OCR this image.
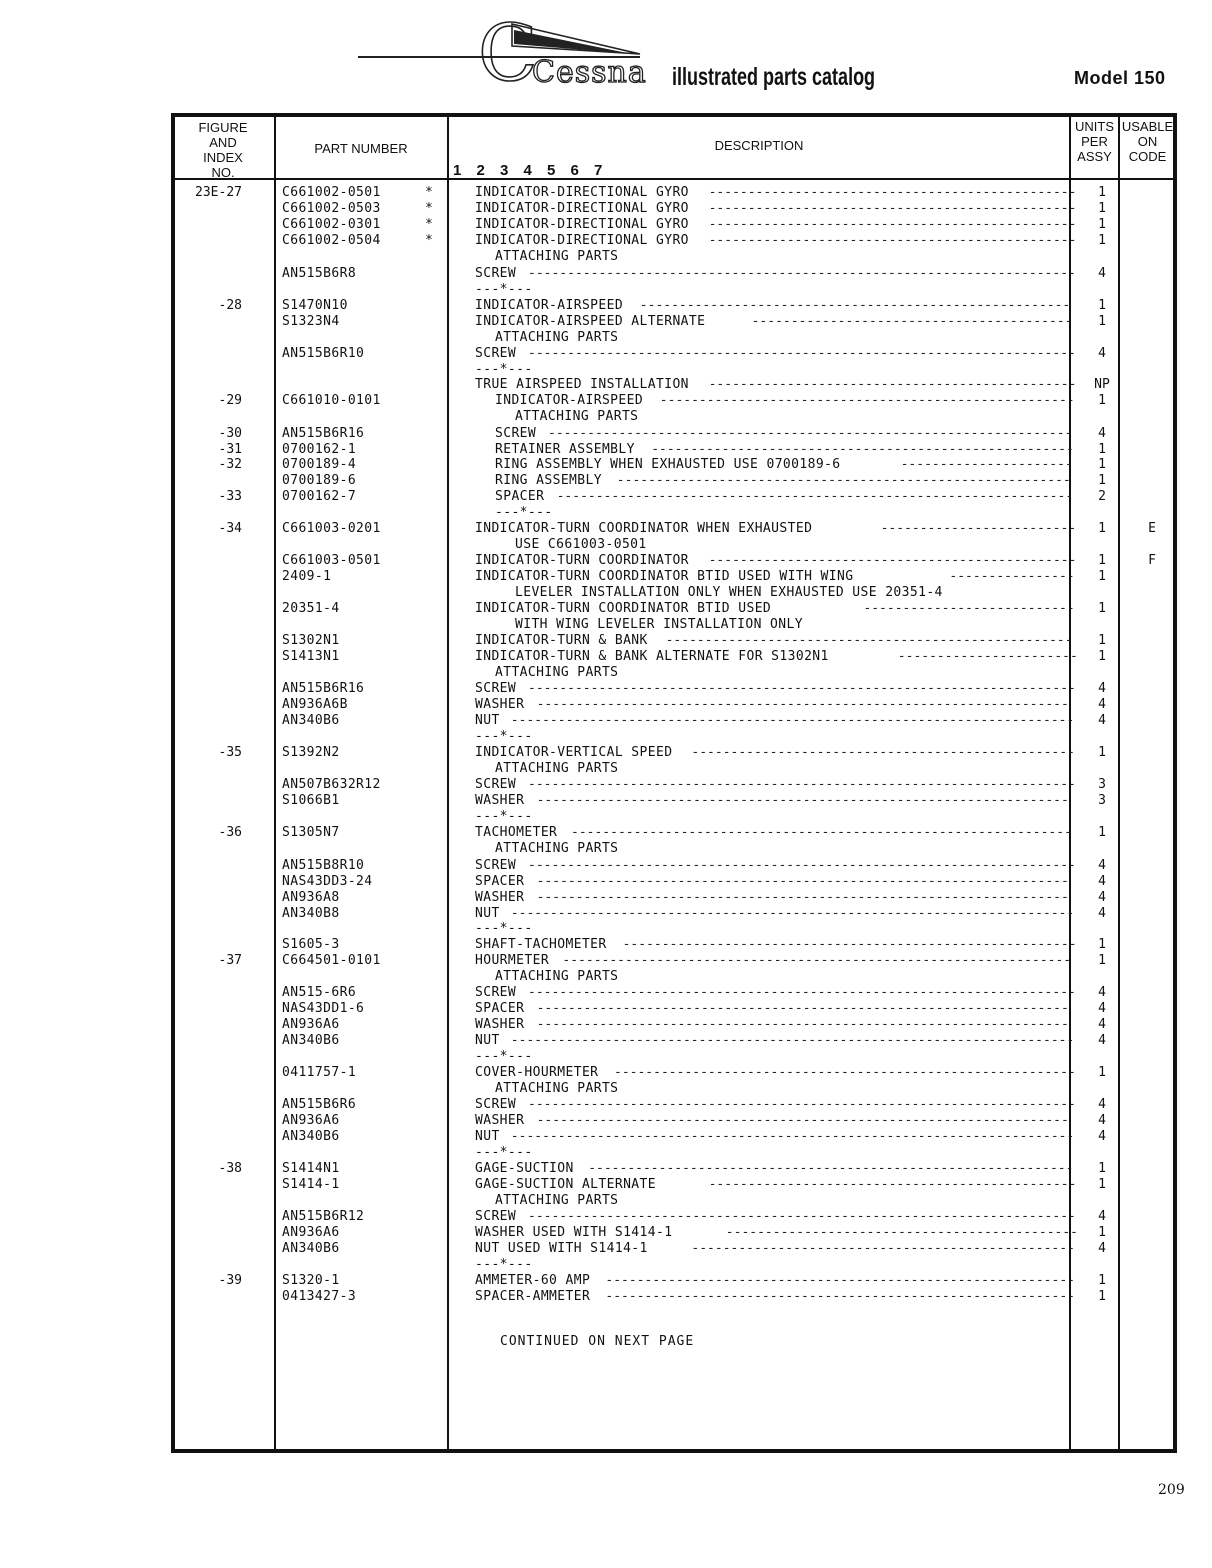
C
Cessna illustrated parts catalog	Model 150
FIGURE
AND
INDEX
NO.
PART NUMBER	DESCRIPTION
1 2 3 4 5 6 7
UNITS
PER
ASSY
USABLE
ON
CODE
23E-27	C661002-0501	*	INDICATOR-DIRECTIONAL GYRO -----------------------------------------------	1
C661002-0503	*	INDICATOR-DIRECTIONAL GYRO -----------------------------------------------	1
C661002-0301	*	INDICATOR-DIRECTIONAL GYRO -----------------------------------------------	1
C661002-0504	*	INDICATOR-DIRECTIONAL GYRO -----------------------------------------------	1
ATTACHING PARTS
AN515B6R8	SCREW ----------------------------------------------------------------------	4
---*---
-28	S1470N10	INDICATOR-AIRSPEED -------------------------------------------------------	1
S1323N4	INDICATOR-AIRSPEED ALTERNATE	-----------------------------------------	1
ATTACHING PARTS
AN515B6R10	SCREW ----------------------------------------------------------------------	4
---*---
TRUE AIRSPEED INSTALLATION -----------------------------------------------	NP
-29	C661010-0101	INDICATOR-AIRSPEED -----------------------------------------------------	1
ATTACHING PARTS
-30	AN515B6R16	SCREW -------------------------------------------------------------------	4
-31	0700162-1	RETAINER ASSEMBLY ------------------------------------------------------	1
-32	0700189-4	RING ASSEMBLY WHEN EXHAUSTED USE 0700189-6	----------------------	1
0700189-6	RING ASSEMBLY ----------------------------------------------------------	1
-33	0700162-7	SPACER ------------------------------------------------------------------	2
---*---
-34	C661003-0201	INDICATOR-TURN COORDINATOR WHEN EXHAUSTED	-------------------------	1	E
USE C661003-0501
C661003-0501	INDICATOR-TURN COORDINATOR -----------------------------------------------	1	F
2409-1	INDICATOR-TURN COORDINATOR BTID USED WITH WING	----------------	1
LEVELER INSTALLATION ONLY WHEN EXHAUSTED USE 20351-4
20351-4	INDICATOR-TURN COORDINATOR BTID USED	---------------------------	1
WITH WING LEVELER INSTALLATION ONLY
S1302N1	INDICATOR-TURN & BANK ----------------------------------------------------	1
S1413N1	INDICATOR-TURN & BANK ALTERNATE FOR S1302N1	-----------------------	1
ATTACHING PARTS
AN515B6R16	SCREW ----------------------------------------------------------------------	4
AN936A6B	WASHER --------------------------------------------------------------------	4
AN340B6	NUT ------------------------------------------------------------------------	4
---*---
-35	S1392N2	INDICATOR-VERTICAL SPEED -------------------------------------------------	1
ATTACHING PARTS
AN507B632R12	SCREW ----------------------------------------------------------------------	3
S1066B1	WASHER --------------------------------------------------------------------	3
---*---
-36	S1305N7	TACHOMETER ----------------------------------------------------------------	1
ATTACHING PARTS
AN515B8R10	SCREW ----------------------------------------------------------------------	4
NAS43DD3-24	SPACER --------------------------------------------------------------------	4
AN936A8	WASHER --------------------------------------------------------------------	4
AN340B8	NUT ------------------------------------------------------------------------	4
---*---
S1605-3	SHAFT-TACHOMETER ----------------------------------------------------------	1
-37	C664501-0101	HOURMETER -----------------------------------------------------------------	1
ATTACHING PARTS
AN515-6R6	SCREW ----------------------------------------------------------------------	4
NAS43DD1-6	SPACER --------------------------------------------------------------------	4
AN936A6	WASHER --------------------------------------------------------------------	4
AN340B6	NUT ------------------------------------------------------------------------	4
---*---
0411757-1	COVER-HOURMETER -----------------------------------------------------------	1
ATTACHING PARTS
AN515B6R6	SCREW ----------------------------------------------------------------------	4
AN936A6	WASHER --------------------------------------------------------------------	4
AN340B6	NUT ------------------------------------------------------------------------	4
---*---
-38	S1414N1	GAGE-SUCTION --------------------------------------------------------------	1
S1414-1	GAGE-SUCTION ALTERNATE	-----------------------------------------------	1
ATTACHING PARTS
AN515B6R12	SCREW ----------------------------------------------------------------------	4
AN936A6	WASHER USED WITH S1414-1	---------------------------------------------	1
AN340B6	NUT USED WITH S1414-1	-------------------------------------------------	4
---*---
-39	S1320-1	AMMETER-60 AMP ------------------------------------------------------------	1
0413427-3	SPACER-AMMETER ------------------------------------------------------------	1
CONTINUED ON NEXT PAGE
209
